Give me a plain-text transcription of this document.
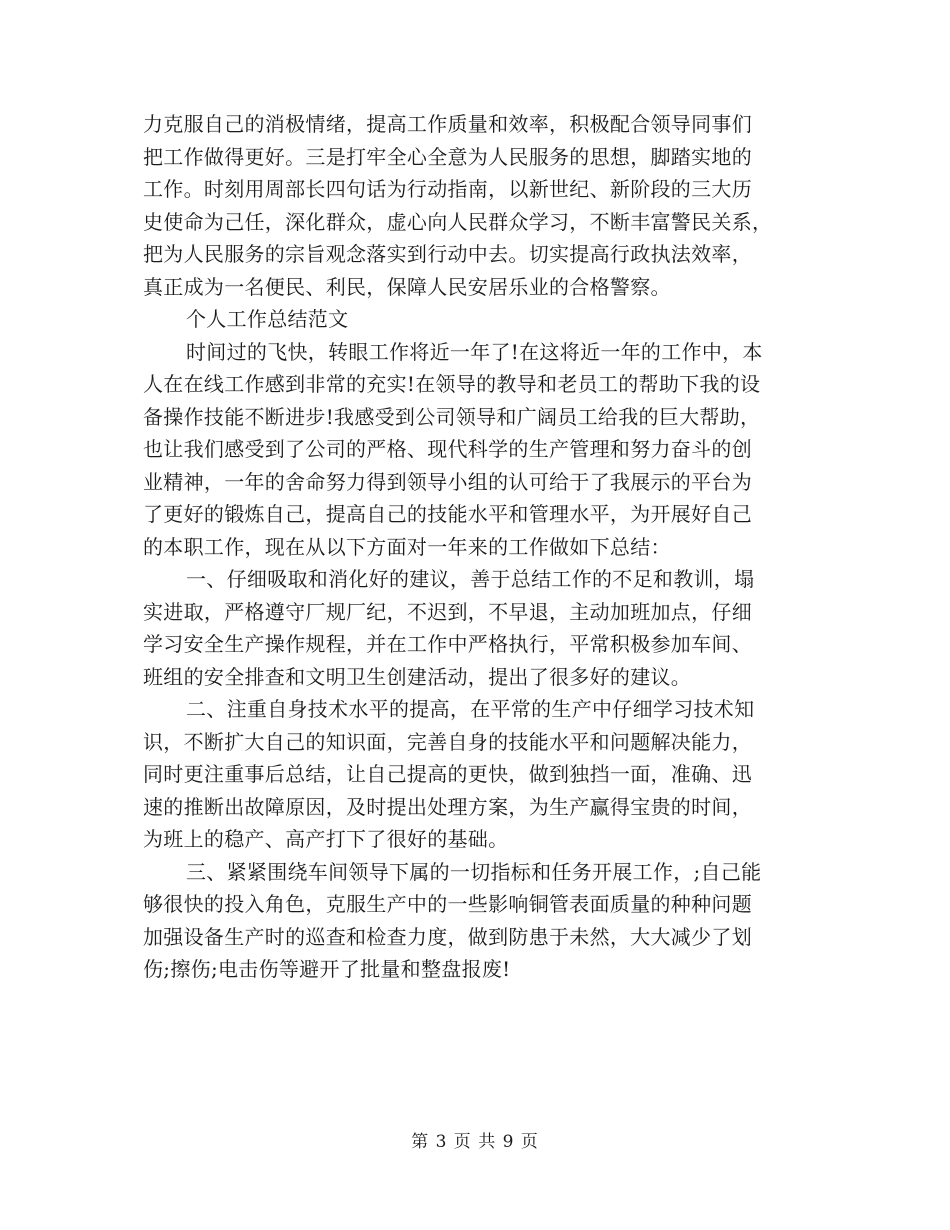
力克服自己的消极情绪，提高工作质量和效率，积极配合领导同事们
把工作做得更好。三是打牢全心全意为人民服务的思想，脚踏实地的
工作。时刻用周部长四句话为行动指南，以新世纪、新阶段的三大历
史使命为己任，深化群众，虚心向人民群众学习，不断丰富警民关系，
把为人民服务的宗旨观念落实到行动中去。切实提高行政执法效率，
真正成为一名便民、利民，保障人民安居乐业的合格警察。
个人工作总结范文
时间过的飞快，转眼工作将近一年了!在这将近一年的工作中，本
人在在线工作感到非常的充实!在领导的教导和老员工的帮助下我的设
备操作技能不断进步!我感受到公司领导和广阔员工给我的巨大帮助，
也让我们感受到了公司的严格、现代科学的生产管理和努力奋斗的创
业精神，一年的舍命努力得到领导小组的认可给于了我展示的平台为
了更好的锻炼自己，提高自己的技能水平和管理水平，为开展好自己
的本职工作，现在从以下方面对一年来的工作做如下总结：
一、仔细吸取和消化好的建议，善于总结工作的不足和教训，塌
实进取，严格遵守厂规厂纪，不迟到，不早退，主动加班加点，仔细
学习安全生产操作规程，并在工作中严格执行，平常积极参加车间、
班组的安全排查和文明卫生创建活动，提出了很多好的建议。
二、注重自身技术水平的提高，在平常的生产中仔细学习技术知
识，不断扩大自己的知识面，完善自身的技能水平和问题解决能力，
同时更注重事后总结，让自己提高的更快，做到独挡一面，准确、迅
速的推断出故障原因，及时提出处理方案，为生产赢得宝贵的时间，
为班上的稳产、高产打下了很好的基础。
三、紧紧围绕车间领导下属的一切指标和任务开展工作，;自己能
够很快的投入角色，克服生产中的一些影响铜管表面质量的种种问题
加强设备生产时的巡查和检查力度，做到防患于未然，大大减少了划
伤;擦伤;电击伤等避开了批量和整盘报废!
第 3 页 共 9 页
